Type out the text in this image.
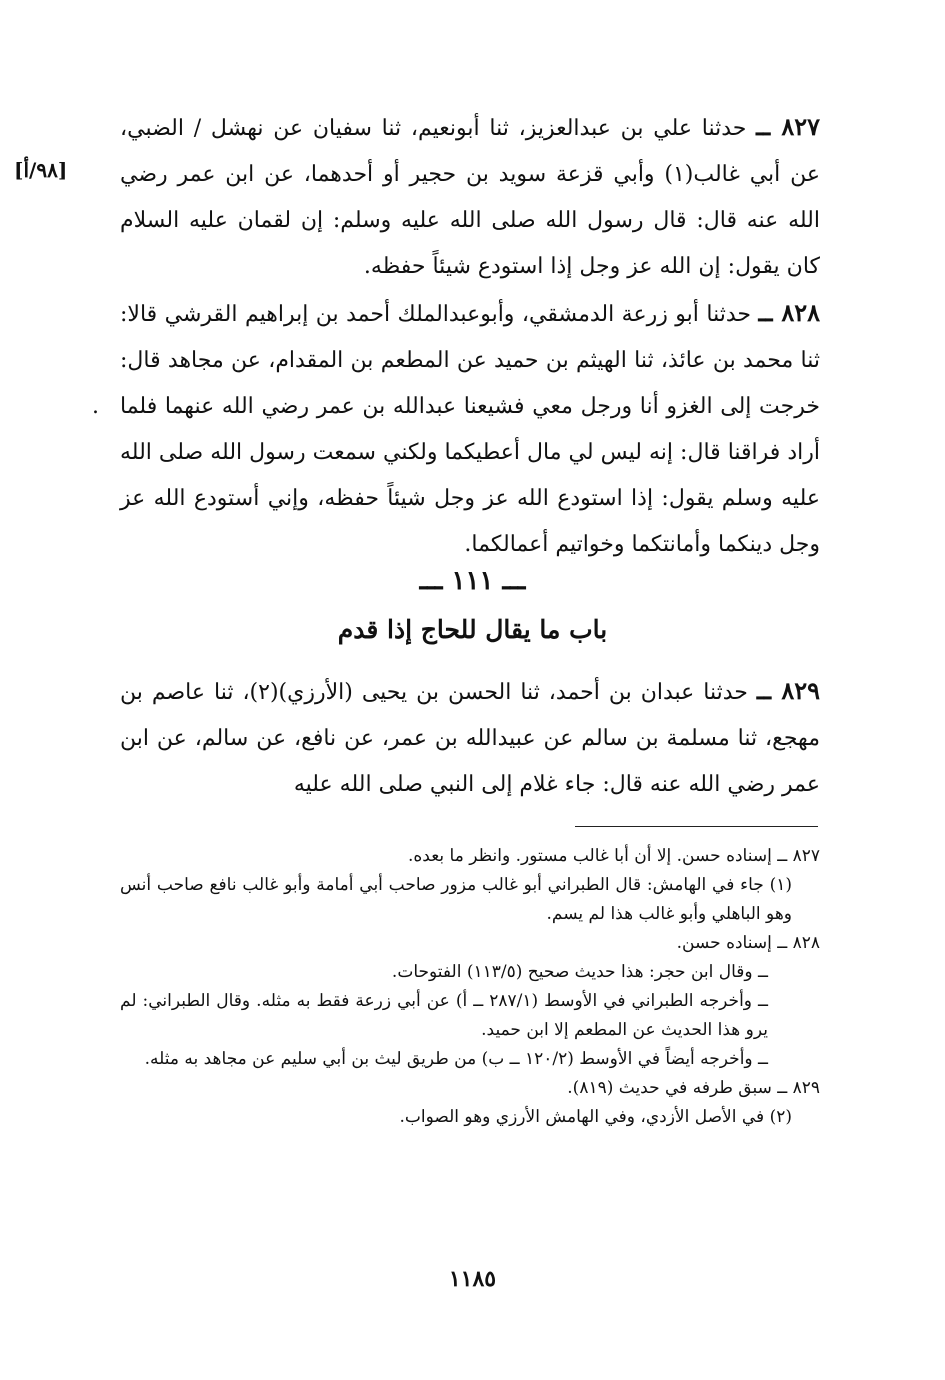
٨٢٧ ــ حدثنا علي بن عبدالعزيز، ثنا أبونعيم، ثنا سفيان عن نهشل / الضبي، عن أبي غالب(١) وأبي قزعة سويد بن حجير أو أحدهما، عن ابن عمر رضي الله عنه قال: قال رسول الله صلى الله عليه وسلم: إن لقمان عليه السلام كان يقول: إن الله عز وجل إذا استودع شيئاً حفظه.

[٩٨/أ]

٨٢٨ ــ حدثنا أبو زرعة الدمشقي، وأبوعبدالملك أحمد بن إبراهيم القرشي قالا: ثنا محمد بن عائذ، ثنا الهيثم بن حميد عن المطعم بن المقدام، عن مجاهد قال: خرجت إلى الغزو أنا ورجل معي فشيعنا عبدالله بن عمر رضي الله عنهما فلما أراد فراقنا قال: إنه ليس لي مال أعطيكما ولكني سمعت رسول الله صلى الله عليه وسلم يقول: إذا استودع الله عز وجل شيئاً حفظه، وإني أستودع الله عز وجل دينكما وأمانتكما وخواتيم أعمالكما.

.
ـــ ١١١ ـــ
باب ما يقال للحاج إذا قدم

٨٢٩ ــ حدثنا عبدان بن أحمد، ثنا الحسن بن يحيى (الأرزي)(٢)، ثنا عاصم بن مهجع، ثنا مسلمة بن سالم عن عبيدالله بن عمر، عن نافع، عن سالم، عن ابن عمر رضي الله عنه قال: جاء غلام إلى النبي صلى الله عليه

٨٢٧ ــ إسناده حسن. إلا أن أبا غالب مستور. وانظر ما بعده.

(١) جاء في الهامش: قال الطبراني أبو غالب مزور صاحب أبي أمامة وأبو غالب نافع صاحب أنس وهو الباهلي وأبو غالب هذا لم يسم.

٨٢٨ ــ إسناده حسن.

ــ وقال ابن حجر: هذا حديث صحيح (١١٣/٥) الفتوحات.

ــ وأخرجه الطبراني في الأوسط (٢٨٧/١ ــ أ) عن أبي زرعة فقط به مثله. وقال الطبراني: لم يرو هذا الحديث عن المطعم إلا ابن حميد.

ــ وأخرجه أيضاً في الأوسط (١٢٠/٢ ــ ب) من طريق ليث بن أبي سليم عن مجاهد به مثله.

٨٢٩ ــ سبق طرفه في حديث (٨١٩).

(٢) في الأصل الأزدي، وفي الهامش الأرزي وهو الصواب.

١١٨٥
